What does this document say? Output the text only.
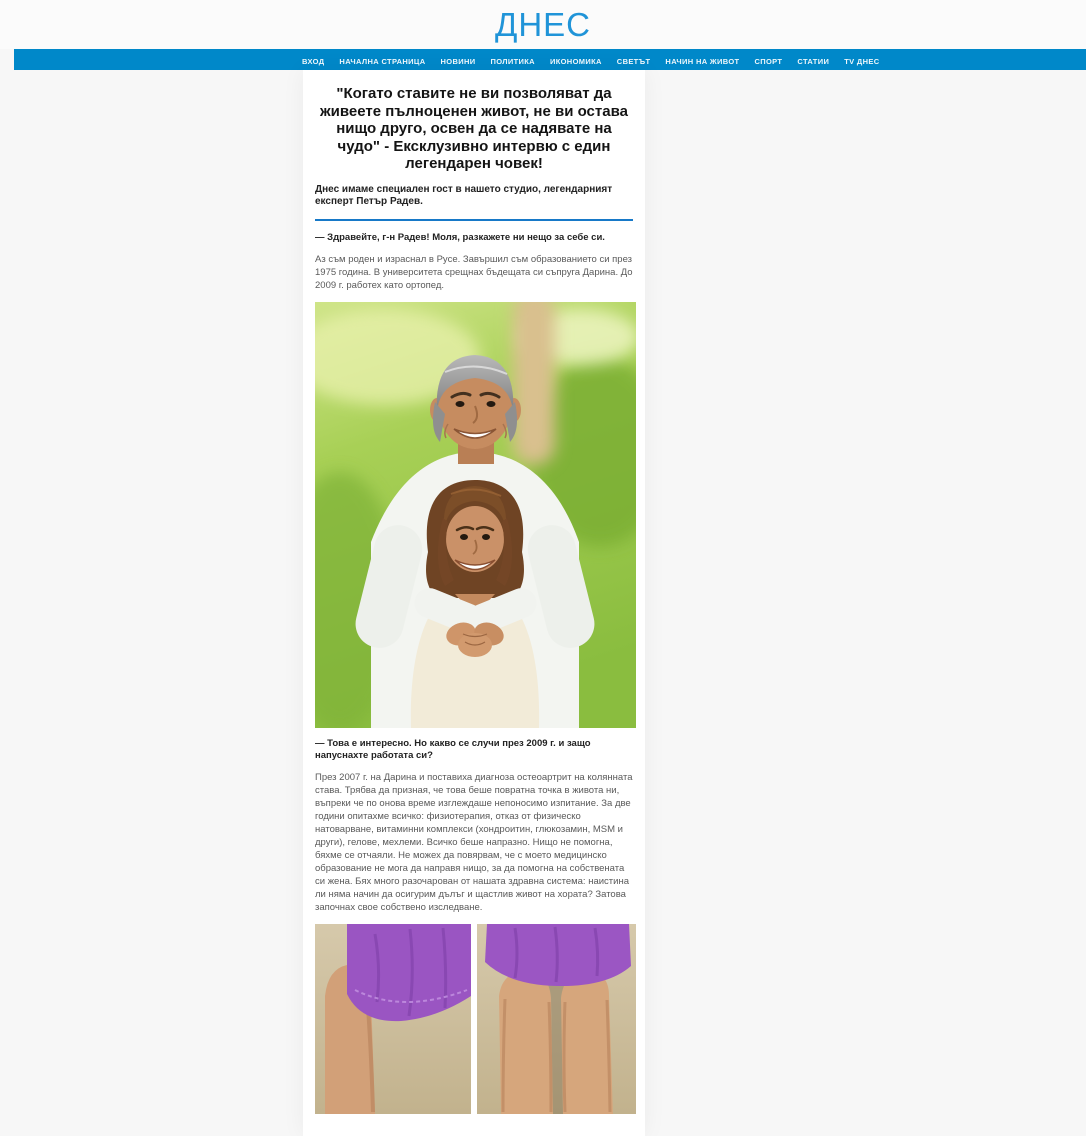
ДНЕС
ВХОД НАЧАЛНА СТРАНИЦА НОВИНИ ПОЛИТИКА ИКОНОМИКА СВЕТЪТ НАЧИН НА ЖИВОТ СПОРТ СТАТИИ TV ДНЕС
"Когато ставите не ви позволяват да живеете пълноценен живот, не ви остава нищо друго, освен да се надявате на чудо" - Ексклузивно интервю с един легендарен човек!

Днес имаме специален гост в нашето студио, легендарният експерт Петър Радев.

— Здравейте, г-н Радев! Моля, разкажете ни нещо за себе си.

Аз съм роден и израснал в Русе. Завършил съм образованието си през 1975 година. В университета срещнах бъдещата си съпруга Дарина. До 2009 г. работех като ортопед.

— Това е интересно. Но какво се случи през 2009 г. и защо напуснахте работата си?

През 2007 г. на Дарина и поставиха диагноза остеоартрит на колянната става. Трябва да призная, че това беше повратна точка в живота ни, въпреки че по онова време изглеждаше непоносимо изпитание. За две години опитахме всичко: физиотерапия, отказ от физическо натоварване, витаминни комплекси (хондроитин, глюкозамин, MSM и други), гелове, мехлеми. Всичко беше напразно. Нищо не помогна, бяхме се отчаяли. Не можех да повярвам, че с моето медицинско образование не мога да направя нищо, за да помогна на собствената си жена. Бях много разочарован от нашата здравна система: наистина ли няма начин да осигурим дълъг и щастлив живот на хората? Затова започнах свое собствено изследване.
